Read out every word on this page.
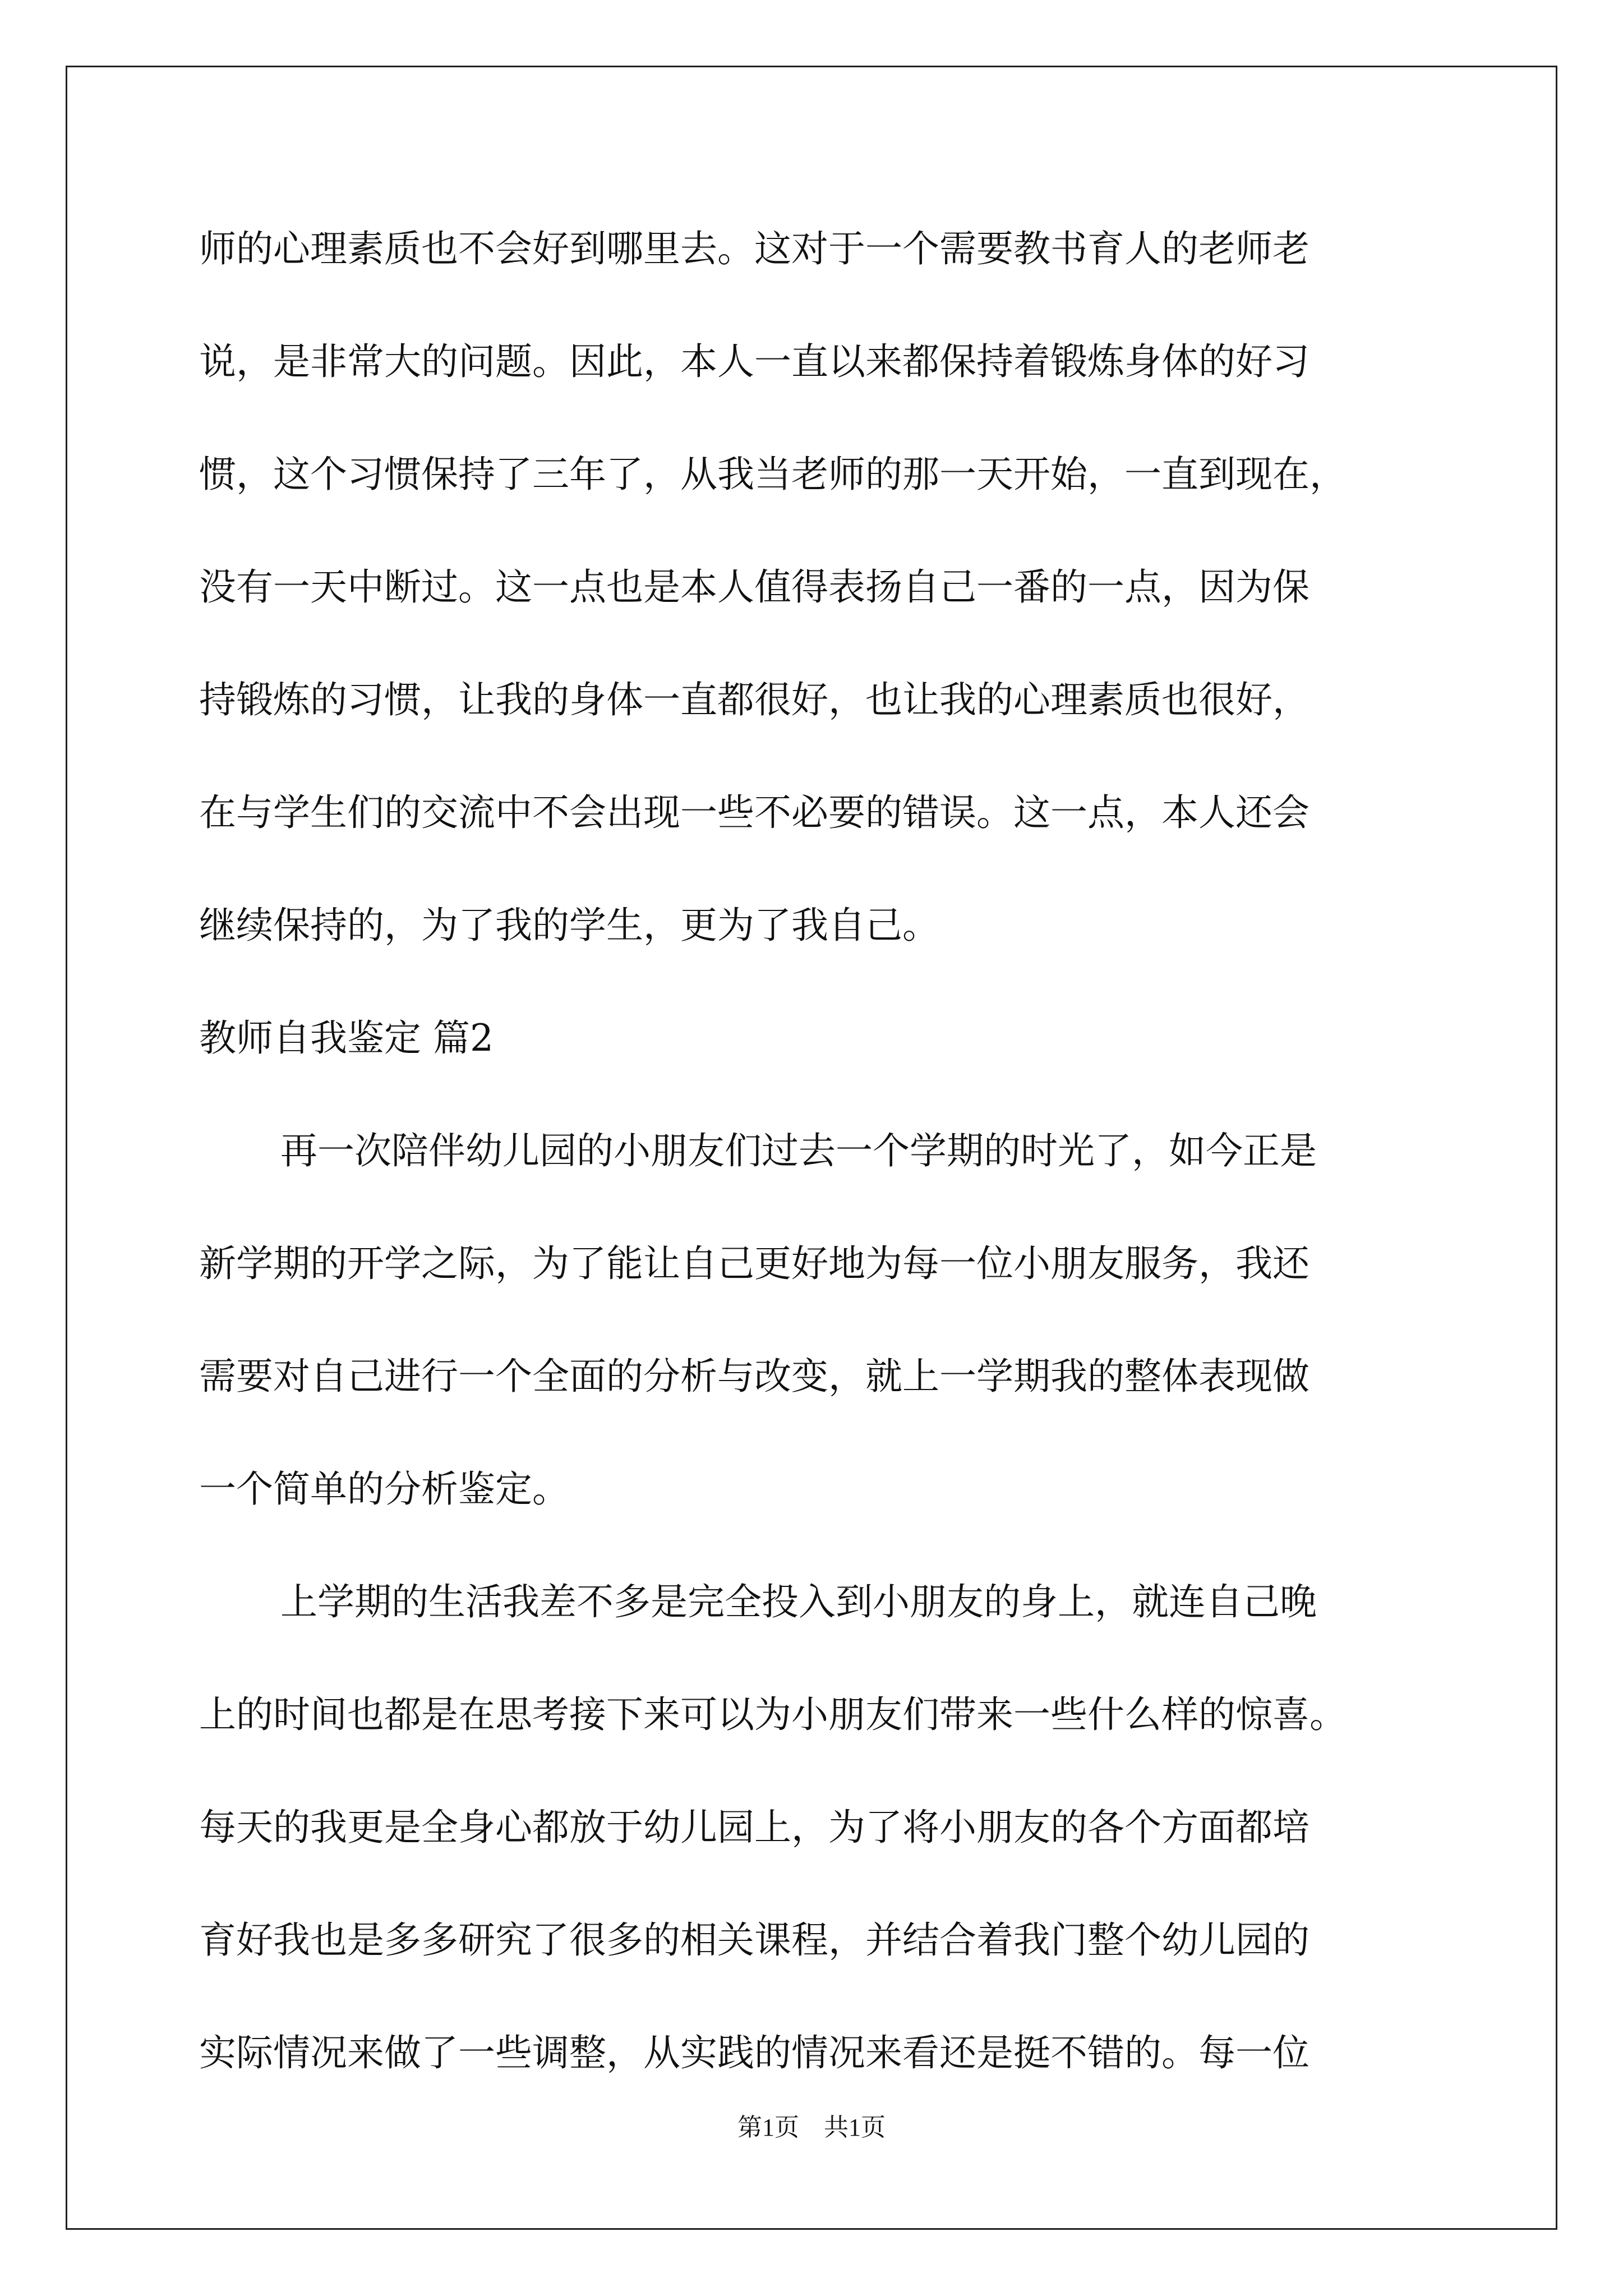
师的心理素质也不会好到哪里去。这对于一个需要教书育人的老师老
说，是非常大的问题。因此，本人一直以来都保持着锻炼身体的好习
惯，这个习惯保持了三年了，从我当老师的那一天开始，一直到现在，
没有一天中断过。这一点也是本人值得表扬自己一番的一点，因为保
持锻炼的习惯，让我的身体一直都很好，也让我的心理素质也很好，
在与学生们的交流中不会出现一些不必要的错误。这一点，本人还会
继续保持的，为了我的学生，更为了我自己。
教师自我鉴定 篇2
再一次陪伴幼儿园的小朋友们过去一个学期的时光了，如今正是
新学期的开学之际，为了能让自己更好地为每一位小朋友服务，我还
需要对自己进行一个全面的分析与改变，就上一学期我的整体表现做
一个简单的分析鉴定。
上学期的生活我差不多是完全投入到小朋友的身上，就连自己晚
上的时间也都是在思考接下来可以为小朋友们带来一些什么样的惊喜。
每天的我更是全身心都放于幼儿园上，为了将小朋友的各个方面都培
育好我也是多多研究了很多的相关课程，并结合着我门整个幼儿园的
实际情况来做了一些调整，从实践的情况来看还是挺不错的。每一位
第1页　共1页
